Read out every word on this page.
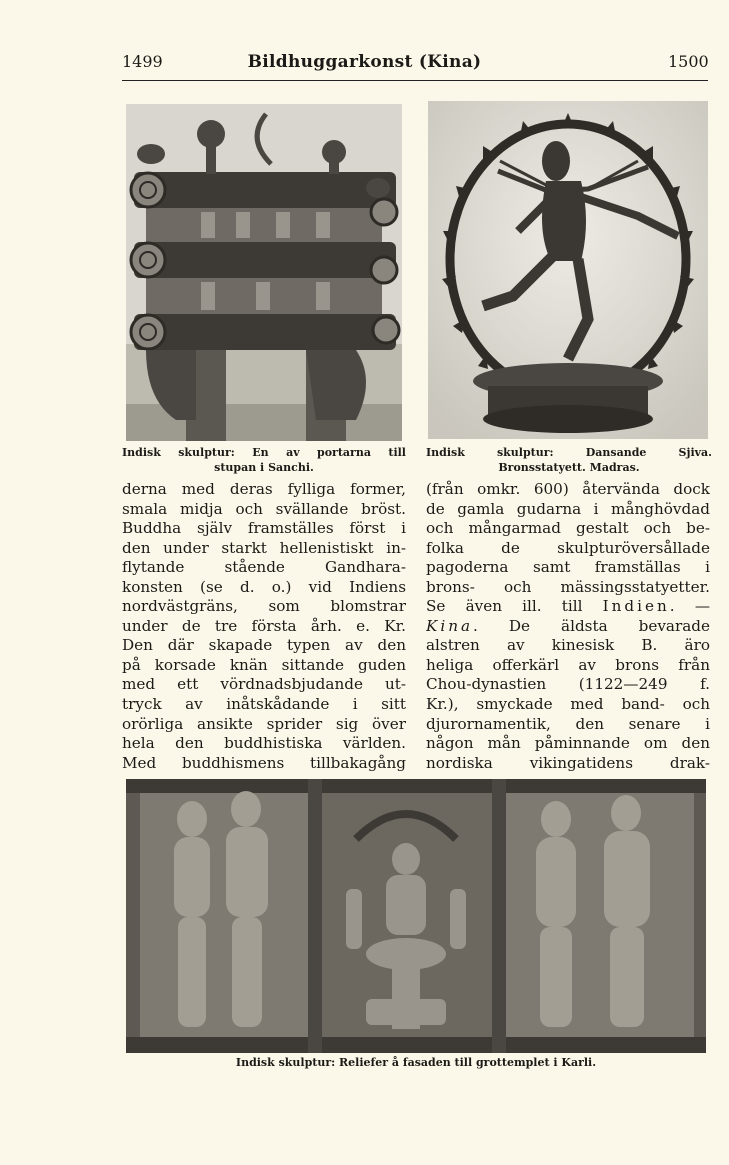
1499	Bildhuggarkonst (Kina)	1500
Indisk skulptur: En av portarna till
stupan i Sanchi.
Indisk skulptur: Dansande Sjiva.
Bronsstatyett. Madras.
derna med deras fylliga former,
smala midja och svällande bröst.
Buddha själv framställes först i
den under starkt hellenistiskt in-
flytande stående Gandhara-
konsten (se d. o.) vid Indiens
nordvästgräns, som blomstrar
under de tre första årh. e. Kr.
Den där skapade typen av den
på korsade knän sittande guden
med ett vördnadsbjudande ut-
tryck av inåtskådande i sitt
orörliga ansikte sprider sig över
hela den buddhistiska världen.
Med buddhismens tillbakagång
(från omkr. 600) återvända dock
de gamla gudarna i månghövdad
och mångarmad gestalt och be-
folka de skulpturöversållade
pagoderna samt framställas i
brons- och mässingsstatyetter.
Se även ill. till Indien. —
Kina. De äldsta bevarade
alstren av kinesisk B. äro
heliga offerkärl av brons från
Chou-dynastien (1122—249 f.
Kr.), smyckade med band- och
djurornamentik, den senare i
någon mån påminnande om den
nordiska vikingatidens drak-
Indisk skulptur: Reliefer å fasaden till grottemplet i Karli.
